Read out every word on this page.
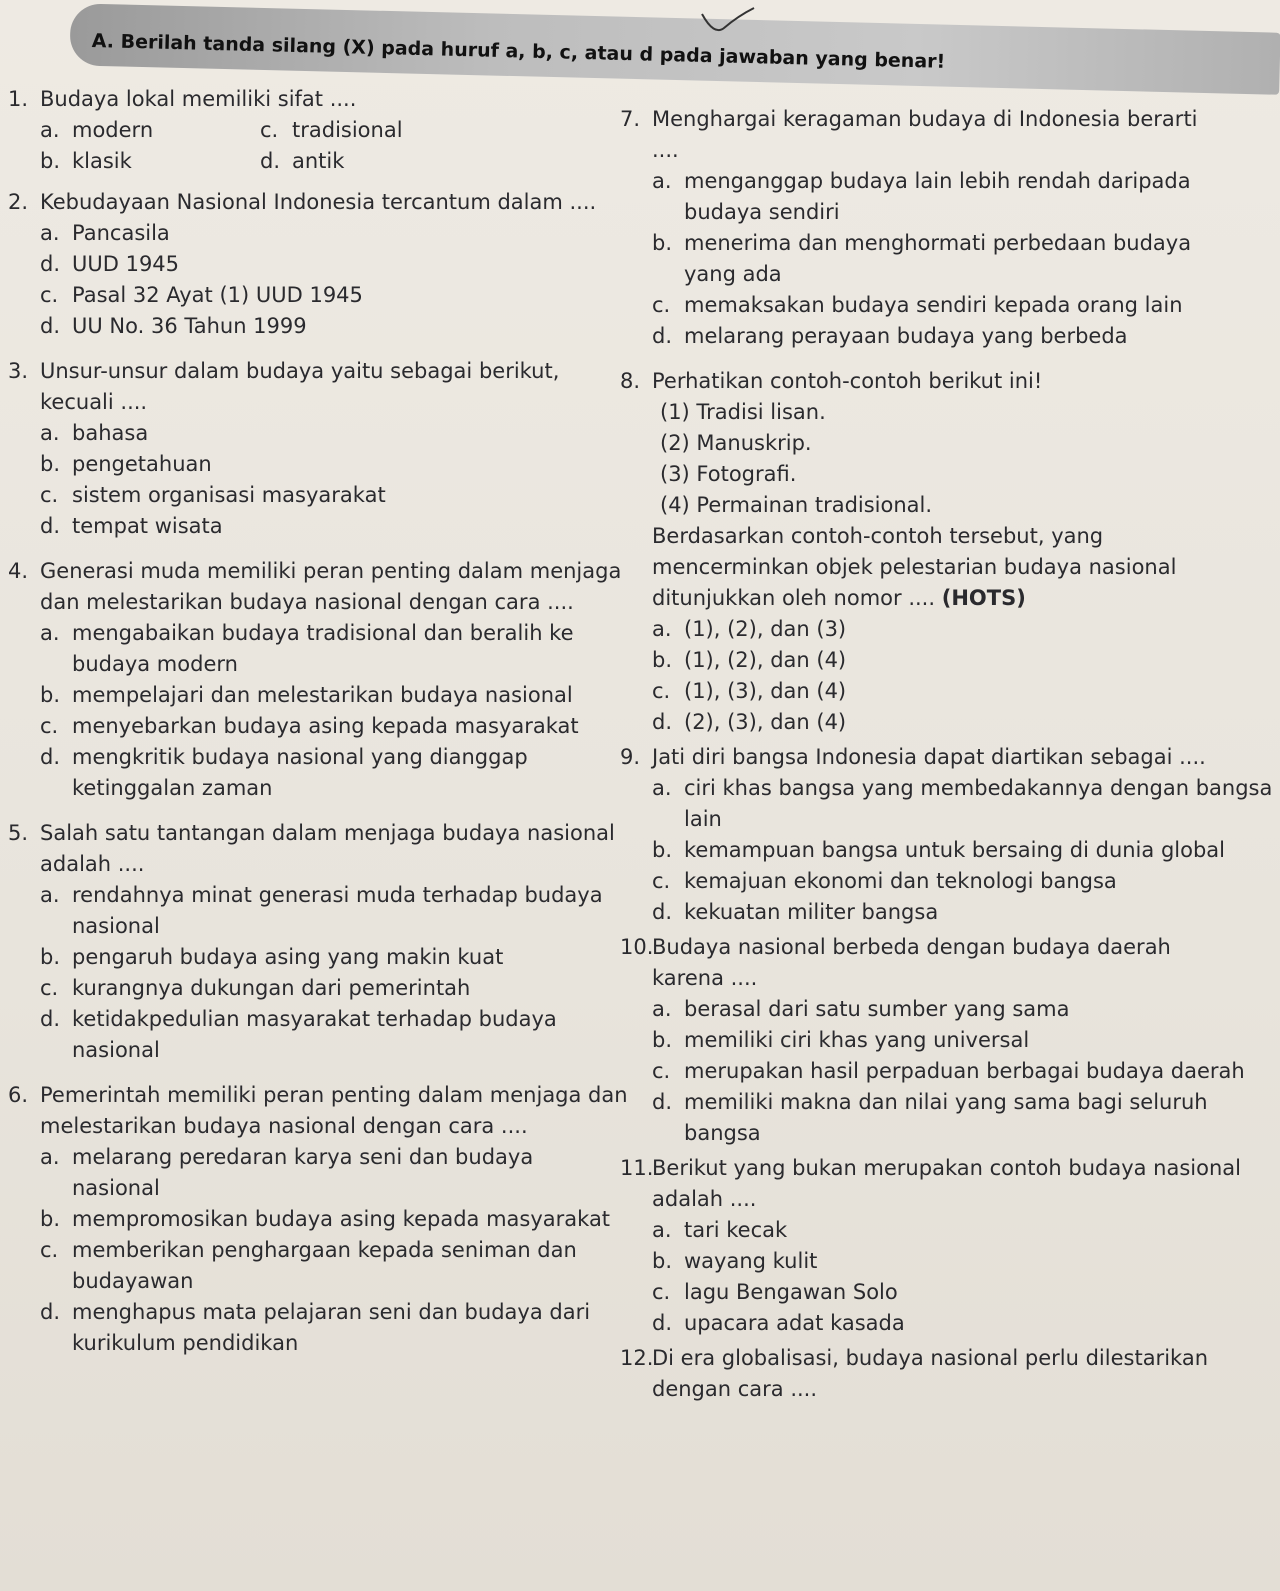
A. Berilah tanda silang (X) pada huruf a, b, c, atau d pada jawaban yang benar!
1. Budaya lokal memiliki sifat ....
a. modern	c. tradisional
b. klasik	d. antik
2. Kebudayaan Nasional Indonesia tercantum dalam ....
a. Pancasila
d. UUD 1945
c. Pasal 32 Ayat (1) UUD 1945
d. UU No. 36 Tahun 1999
3. Unsur-unsur dalam budaya yaitu sebagai berikut, kecuali ....
a. bahasa
b. pengetahuan
c. sistem organisasi masyarakat
d. tempat wisata
4. Generasi muda memiliki peran penting dalam menjaga dan melestarikan budaya nasional dengan cara ....
a. mengabaikan budaya tradisional dan beralih ke budaya modern
b. mempelajari dan melestarikan budaya nasional
c. menyebarkan budaya asing kepada masyarakat
d. mengkritik budaya nasional yang dianggap ketinggalan zaman
5. Salah satu tantangan dalam menjaga budaya nasional adalah ....
a. rendahnya minat generasi muda terhadap budaya nasional
b. pengaruh budaya asing yang makin kuat
c. kurangnya dukungan dari pemerintah
d. ketidakpedulian masyarakat terhadap budaya nasional
6. Pemerintah memiliki peran penting dalam menjaga dan melestarikan budaya nasional dengan cara ....
a. melarang peredaran karya seni dan budaya nasional
b. mempromosikan budaya asing kepada masyarakat
c. memberikan penghargaan kepada seniman dan budayawan
d. menghapus mata pelajaran seni dan budaya dari kurikulum pendidikan
7. Menghargai keragaman budaya di Indonesia berarti ....
a. menganggap budaya lain lebih rendah daripada budaya sendiri
b. menerima dan menghormati perbedaan budaya yang ada
c. memaksakan budaya sendiri kepada orang lain
d. melarang perayaan budaya yang berbeda
8. Perhatikan contoh-contoh berikut ini!
(1) Tradisi lisan.
(2) Manuskrip.
(3) Fotografi.
(4) Permainan tradisional.
Berdasarkan contoh-contoh tersebut, yang mencerminkan objek pelestarian budaya nasional ditunjukkan oleh nomor .... (HOTS)
a. (1), (2), dan (3)
b. (1), (2), dan (4)
c. (1), (3), dan (4)
d. (2), (3), dan (4)
9. Jati diri bangsa Indonesia dapat diartikan sebagai ....
a. ciri khas bangsa yang membedakannya dengan bangsa lain
b. kemampuan bangsa untuk bersaing di dunia global
c. kemajuan ekonomi dan teknologi bangsa
d. kekuatan militer bangsa
10.Budaya nasional berbeda dengan budaya daerah karena ....
a. berasal dari satu sumber yang sama
b. memiliki ciri khas yang universal
c. merupakan hasil perpaduan berbagai budaya daerah
d. memiliki makna dan nilai yang sama bagi seluruh bangsa
11.Berikut yang bukan merupakan contoh budaya nasional adalah ....
a. tari kecak
b. wayang kulit
c. lagu Bengawan Solo
d. upacara adat kasada
12.Di era globalisasi, budaya nasional perlu dilestarikan dengan cara ....
